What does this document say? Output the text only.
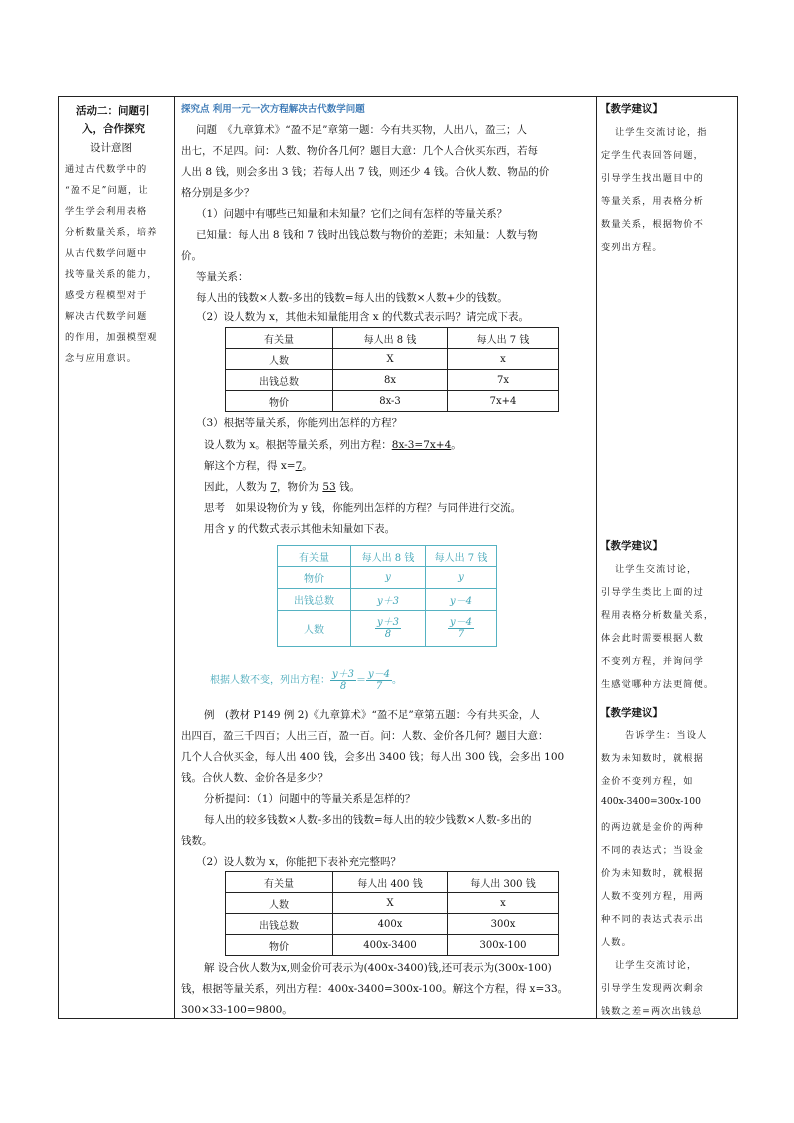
活动二：问题引
入，合作探究
设计意图
通过古代数学中的
“盈不足”问题，让
学生学会利用表格
分析数量关系，培养
从古代数学问题中
找等量关系的能力，
感受方程模型对于
解决古代数学问题
的作用，加强模型观
念与应用意识。
探究点 利用一元一次方程解决古代数学问题
问题　《九章算术》“盈不足”章第一题：今有共买物，人出八，盈三；人
出七，不足四。问：人数、物价各几何？题目大意：几个人合伙买东西，若每
人出 8 钱，则会多出 3 钱；若每人出 7 钱，则还少 4 钱。合伙人数、物品的价
格分别是多少？
（1）问题中有哪些已知量和未知量？它们之间有怎样的等量关系？
已知量：每人出 8 钱和 7 钱时出钱总数与物价的差距；未知量：人数与物
价。
等量关系：
每人出的钱数×人数-多出的钱数=每人出的钱数×人数+少的钱数。
（2）设人数为 x，其他未知量能用含 x 的代数式表示吗？请完成下表。
有关量	每人出 8 钱	每人出 7 钱
人数	X	x
出钱总数	8x	7x
物价	8x-3	7x+4
（3）根据等量关系，你能列出怎样的方程？
设人数为 x。根据等量关系，列出方程：8x-3=7x+4。
解这个方程，得 x=7。
因此，人数为 7，物价为 53 钱。
思考　如果设物价为 y 钱，你能列出怎样的方程？与同伴进行交流。
用含 y 的代数式表示其他未知量如下表。
有关量	每人出 8 钱	每人出 7 钱
物价	y	y
出钱总数	y＋3	y－4
人数	$\frac{y+3}{8}$	$\frac{y-4}{7}$
根据人数不变，列出方程： $\frac{y+3}{8} = \frac{y-4}{7}$ 。
例　(教材 P149 例 2)《九章算术》“盈不足”章第五题：今有共买金，人
出四百，盈三千四百；人出三百，盈一百。问：人数、金价各几何？题目大意：
几个人合伙买金，每人出 400 钱，会多出 3400 钱；每人出 300 钱，会多出 100
钱。合伙人数、金价各是多少？
分析提问：（1）问题中的等量关系是怎样的？
每人出的较多钱数×人数-多出的钱数=每人出的较少钱数×人数-多出的
钱数。
（2）设人数为 x，你能把下表补充完整吗？
有关量	每人出 400 钱	每人出 300 钱
人数	X	x
出钱总数	400x	300x
物价	400x-3400	300x-100
解 设合伙人数为x,则金价可表示为(400x-3400)钱,还可表示为(300x-100)
钱，根据等量关系，列出方程：400x-3400=300x-100。解这个方程，得 x=33。
300×33-100=9800。
【教学建议】
让学生交流讨论，指
定学生代表回答问题，
引导学生找出题目中的
等量关系，用表格分析
数量关系，根据物价不
变列出方程。
【教学建议】
让学生交流讨论，
引导学生类比上面的过
程用表格分析数量关系，
体会此时需要根据人数
不变列方程，并询问学
生感觉哪种方法更简便。
【教学建议】
告诉学生：当设人
数为未知数时，就根据
金价不变列方程，如
400x-3400=300x-100
的两边就是金价的两种
不同的表达式；当设金
价为未知数时，就根据
人数不变列方程，用两
种不同的表达式表示出
人数。
让学生交流讨论，
引导学生发现两次剩余
钱数之差=两次出钱总
